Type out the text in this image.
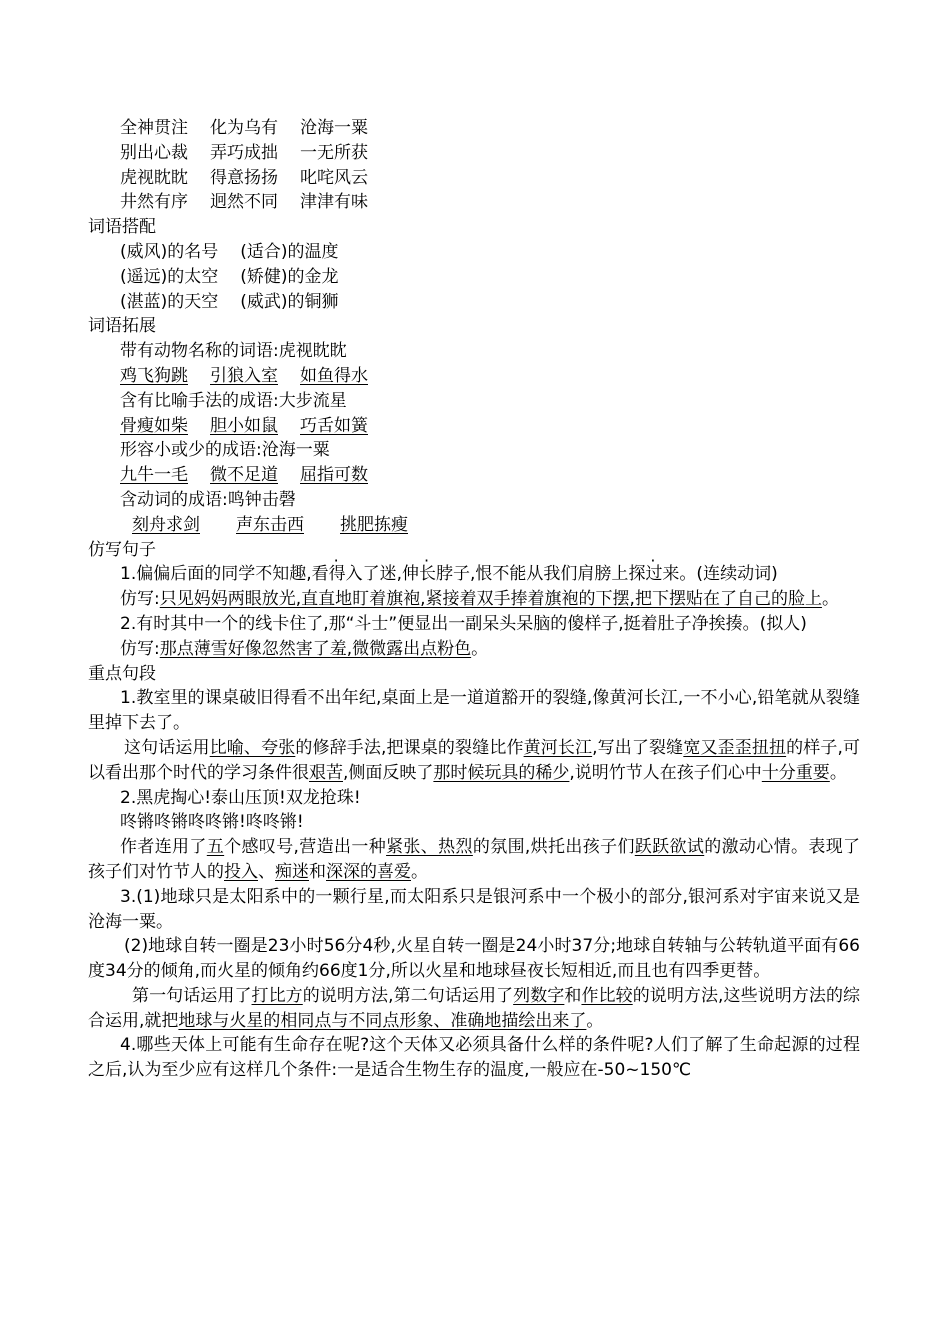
全神贯注 化为乌有 沧海一粟
别出心裁 弄巧成拙 一无所获
虎视眈眈 得意扬扬 叱咤风云
井然有序 迥然不同 津津有味
词语搭配
(威风)的名号 (适合)的温度
(遥远)的太空 (矫健)的金龙
(湛蓝)的天空 (威武)的铜狮
词语拓展
带有动物名称的词语:虎视眈眈
鸡飞狗跳 引狼入室 如鱼得水
含有比喻手法的成语:大步流星
骨瘦如柴 胆小如鼠 巧舌如簧
形容小或少的成语:沧海一粟
九牛一毛 微不足道 屈指可数
含动词的成语:鸣钟击磬
刻舟求剑 声东击西 挑肥拣瘦
仿写句子

1.偏偏后面的同学不知趣,看得入了迷,伸长脖子,恨不能从我们肩膀上探过来。(连续动词)

仿写:只见妈妈两眼放光,直直地盯着旗袍,紧接着双手捧着旗袍的下摆,把下摆贴在了自己的脸上。

2.有时其中一个的线卡住了,那“斗士”便显出一副呆头呆脑的傻样子,挺着肚子净挨揍。(拟人)

仿写:那点薄雪好像忽然害了羞,微微露出点粉色。

重点句段

1.教室里的课桌破旧得看不出年纪,桌面上是一道道豁开的裂缝,像黄河长江,一不小心,铅笔就从裂缝里掉下去了。

这句话运用比喻、夸张的修辞手法,把课桌的裂缝比作黄河长江,写出了裂缝宽又歪歪扭扭的样子,可以看出那个时代的学习条件很艰苦,侧面反映了那时候玩具的稀少,说明竹节人在孩子们心中十分重要。

2.黑虎掏心!泰山压顶!双龙抢珠!
咚锵咚锵咚咚锵!咚咚锵!

作者连用了五个感叹号,营造出一种紧张、热烈的氛围,烘托出孩子们跃跃欲试的激动心情。表现了孩子们对竹节人的投入、痴迷和深深的喜爱。

3.(1)地球只是太阳系中的一颗行星,而太阳系只是银河系中一个极小的部分,银河系对宇宙来说又是沧海一粟。

(2)地球自转一圈是23小时56分4秒,火星自转一圈是24小时37分;地球自转轴与公转轨道平面有66度34分的倾角,而火星的倾角约66度1分,所以火星和地球昼夜长短相近,而且也有四季更替。

第一句话运用了打比方的说明方法,第二句话运用了列数字和作比较的说明方法,这些说明方法的综合运用,就把地球与火星的相同点与不同点形象、准确地描绘出来了。

4.哪些天体上可能有生命存在呢?这个天体又必须具备什么样的条件呢?人们了解了生命起源的过程之后,认为至少应有这样几个条件:一是适合生物生存的温度,一般应在-50~150℃
